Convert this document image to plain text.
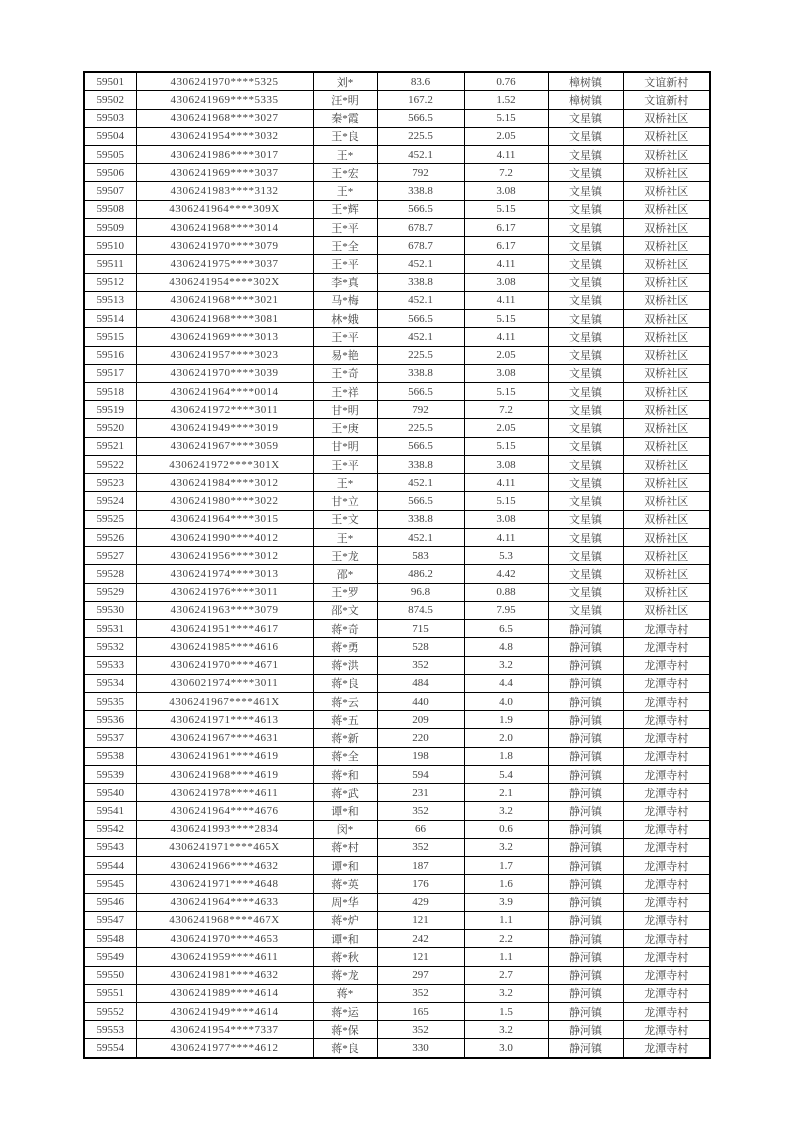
59501	4306241970****5325	刘*	83.6	0.76	樟树镇	文谊新村
59502	4306241969****5335	汪*明	167.2	1.52	樟树镇	文谊新村
59503	4306241968****3027	秦*霞	566.5	5.15	文星镇	双桥社区
59504	4306241954****3032	王*良	225.5	2.05	文星镇	双桥社区
59505	4306241986****3017	王*	452.1	4.11	文星镇	双桥社区
59506	4306241969****3037	王*宏	792	7.2	文星镇	双桥社区
59507	4306241983****3132	王*	338.8	3.08	文星镇	双桥社区
59508	4306241964****309X	王*辉	566.5	5.15	文星镇	双桥社区
59509	4306241968****3014	王*平	678.7	6.17	文星镇	双桥社区
59510	4306241970****3079	王*全	678.7	6.17	文星镇	双桥社区
59511	4306241975****3037	王*平	452.1	4.11	文星镇	双桥社区
59512	4306241954****302X	李*真	338.8	3.08	文星镇	双桥社区
59513	4306241968****3021	马*梅	452.1	4.11	文星镇	双桥社区
59514	4306241968****3081	林*娥	566.5	5.15	文星镇	双桥社区
59515	4306241969****3013	王*平	452.1	4.11	文星镇	双桥社区
59516	4306241957****3023	易*艳	225.5	2.05	文星镇	双桥社区
59517	4306241970****3039	王*奇	338.8	3.08	文星镇	双桥社区
59518	4306241964****0014	王*祥	566.5	5.15	文星镇	双桥社区
59519	4306241972****3011	甘*明	792	7.2	文星镇	双桥社区
59520	4306241949****3019	王*庚	225.5	2.05	文星镇	双桥社区
59521	4306241967****3059	甘*明	566.5	5.15	文星镇	双桥社区
59522	4306241972****301X	王*平	338.8	3.08	文星镇	双桥社区
59523	4306241984****3012	王*	452.1	4.11	文星镇	双桥社区
59524	4306241980****3022	甘*立	566.5	5.15	文星镇	双桥社区
59525	4306241964****3015	王*文	338.8	3.08	文星镇	双桥社区
59526	4306241990****4012	王*	452.1	4.11	文星镇	双桥社区
59527	4306241956****3012	王*龙	583	5.3	文星镇	双桥社区
59528	4306241974****3013	邵*	486.2	4.42	文星镇	双桥社区
59529	4306241976****3011	王*罗	96.8	0.88	文星镇	双桥社区
59530	4306241963****3079	邵*文	874.5	7.95	文星镇	双桥社区
59531	4306241951****4617	蒋*奇	715	6.5	静河镇	龙潭寺村
59532	4306241985****4616	蒋*勇	528	4.8	静河镇	龙潭寺村
59533	4306241970****4671	蒋*洪	352	3.2	静河镇	龙潭寺村
59534	4306021974****3011	蒋*良	484	4.4	静河镇	龙潭寺村
59535	4306241967****461X	蒋*云	440	4.0	静河镇	龙潭寺村
59536	4306241971****4613	蒋*五	209	1.9	静河镇	龙潭寺村
59537	4306241967****4631	蒋*新	220	2.0	静河镇	龙潭寺村
59538	4306241961****4619	蒋*全	198	1.8	静河镇	龙潭寺村
59539	4306241968****4619	蒋*和	594	5.4	静河镇	龙潭寺村
59540	4306241978****4611	蒋*武	231	2.1	静河镇	龙潭寺村
59541	4306241964****4676	谭*和	352	3.2	静河镇	龙潭寺村
59542	4306241993****2834	闵*	66	0.6	静河镇	龙潭寺村
59543	4306241971****465X	蒋*村	352	3.2	静河镇	龙潭寺村
59544	4306241966****4632	谭*和	187	1.7	静河镇	龙潭寺村
59545	4306241971****4648	蒋*英	176	1.6	静河镇	龙潭寺村
59546	4306241964****4633	周*华	429	3.9	静河镇	龙潭寺村
59547	4306241968****467X	蒋*炉	121	1.1	静河镇	龙潭寺村
59548	4306241970****4653	谭*和	242	2.2	静河镇	龙潭寺村
59549	4306241959****4611	蒋*秋	121	1.1	静河镇	龙潭寺村
59550	4306241981****4632	蒋*龙	297	2.7	静河镇	龙潭寺村
59551	4306241989****4614	蒋*	352	3.2	静河镇	龙潭寺村
59552	4306241949****4614	蒋*运	165	1.5	静河镇	龙潭寺村
59553	4306241954****7337	蒋*保	352	3.2	静河镇	龙潭寺村
59554	4306241977****4612	蒋*良	330	3.0	静河镇	龙潭寺村
